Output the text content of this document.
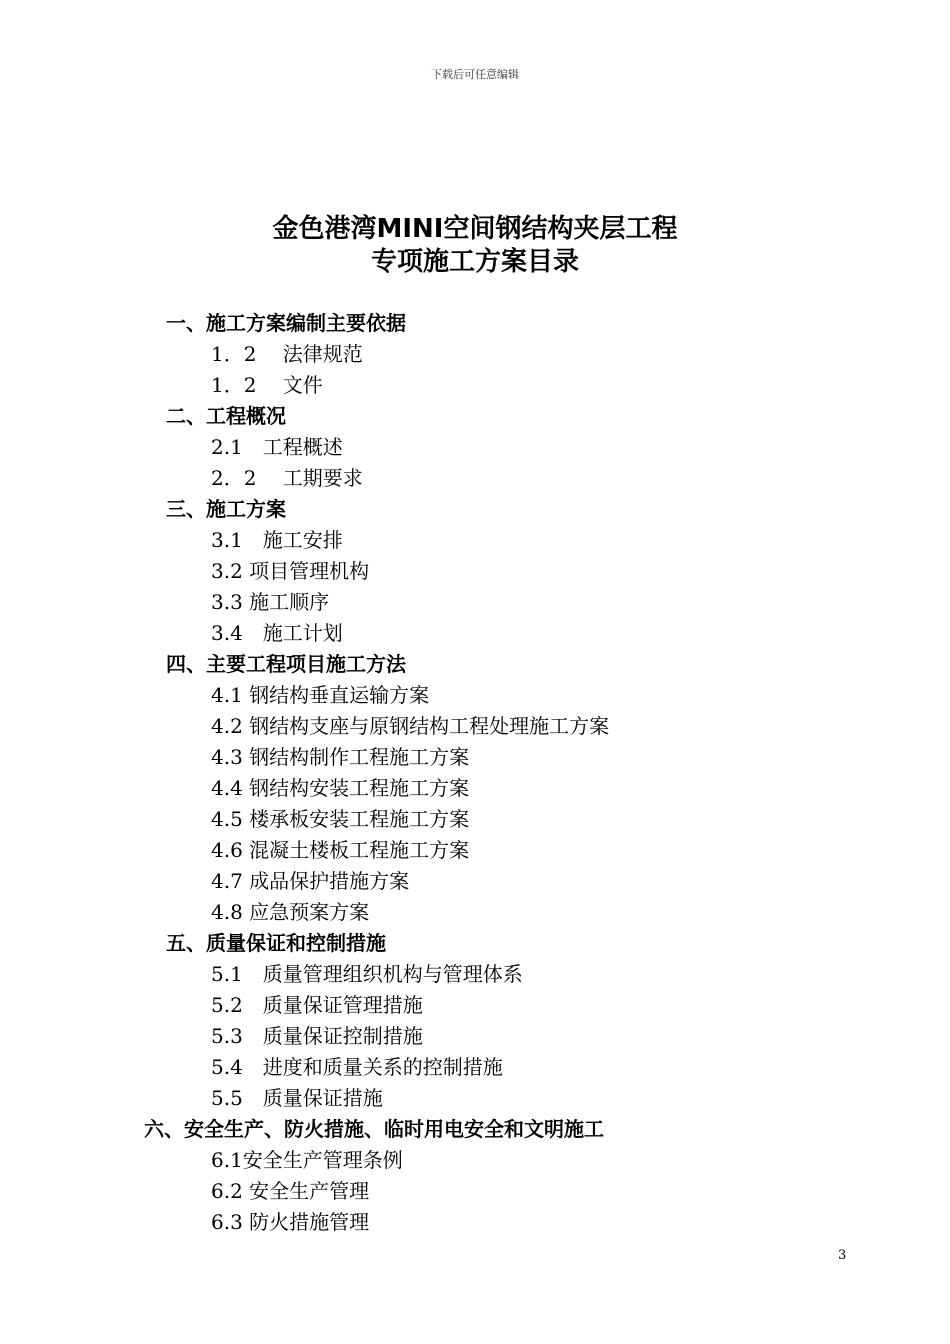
下载后可任意编辑
金色港湾MINI空间钢结构夹层工程
专项施工方案目录
一、施工方案编制主要依据
1．2　 法律规范
1．2　 文件
二、工程概况
2.1　工程概述
2．2　 工期要求
三、施工方案
3.1　施工安排
3.2 项目管理机构
3.3 施工顺序
3.4　施工计划
四、主要工程项目施工方法
4.1 钢结构垂直运输方案
4.2 钢结构支座与原钢结构工程处理施工方案
4.3 钢结构制作工程施工方案
4.4 钢结构安装工程施工方案
4.5 楼承板安装工程施工方案
4.6 混凝土楼板工程施工方案
4.7 成品保护措施方案
4.8 应急预案方案
五、质量保证和控制措施
5.1　质量管理组织机构与管理体系
5.2　质量保证管理措施
5.3　质量保证控制措施
5.4　进度和质量关系的控制措施
5.5　质量保证措施
六、安全生产、防火措施、临时用电安全和文明施工
6.1安全生产管理条例
6.2 安全生产管理
6.3 防火措施管理
3
